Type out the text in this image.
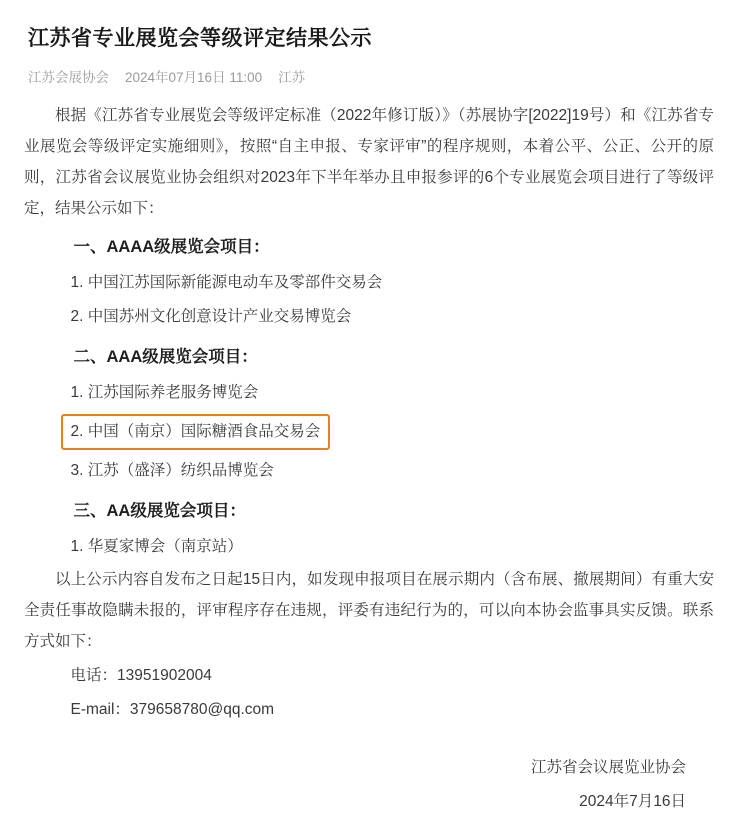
江苏省专业展览会等级评定结果公示
江苏会展协会 2024年07月16日 11:00 江苏

根据《江苏省专业展览会等级评定标准（2022年修订版）》（苏展协字[2022]19号）和《江苏省专业展览会等级评定实施细则》，按照“自主申报、专家评审”的程序规则，本着公平、公正、公开的原则，江苏省会议展览业协会组织对2023年下半年举办且申报参评的6个专业展览会项目进行了等级评定，结果公示如下：

一、AAAA级展览会项目：
1. 中国江苏国际新能源电动车及零部件交易会
2. 中国苏州文化创意设计产业交易博览会
二、AAA级展览会项目：
1. 江苏国际养老服务博览会
2. 中国（南京）国际糖酒食品交易会
3. 江苏（盛泽）纺织品博览会
三、AA级展览会项目：
1. 华夏家博会（南京站）

以上公示内容自发布之日起15日内，如发现申报项目在展示期内（含布展、撤展期间）有重大安全责任事故隐瞒未报的，评审程序存在违规，评委有违纪行为的，可以向本协会监事具实反馈。联系方式如下：

电话：13951902004
E-mail：379658780@qq.com
江苏省会议展览业协会
2024年7月16日
